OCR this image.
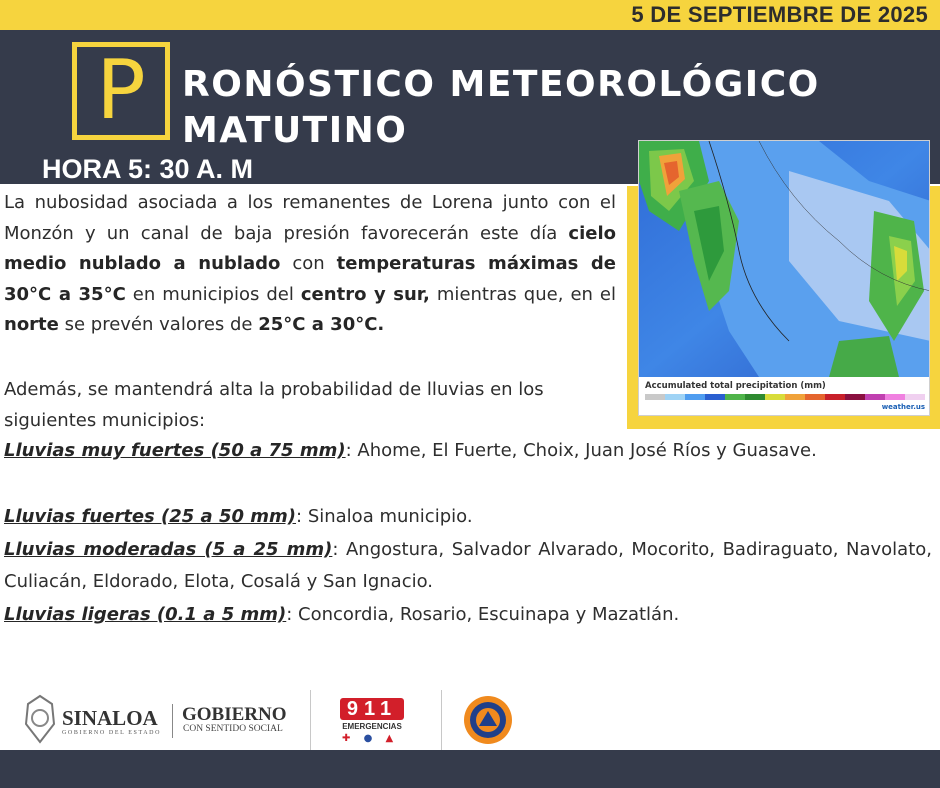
5 DE SEPTIEMBRE DE 2025
P	RONÓSTICO METEOROLÓGICO
MATUTINO
HORA 5: 30 A. M
Accumulated total precipitation (mm)
weather.us
La nubosidad asociada a los remanentes de Lorena junto con el Monzón y un canal de baja presión favorecerán este día cielo medio nublado a nublado con temperaturas máximas de 30°C a 35°C en municipios del centro y sur, mientras que, en el norte se prevén valores de 25°C a 30°C.
Además, se mantendrá alta la probabilidad de lluvias en los siguientes municipios:
Lluvias muy fuertes (50 a 75 mm): Ahome, El Fuerte, Choix, Juan José Ríos y Guasave.
Lluvias fuertes (25 a 50 mm): Sinaloa municipio.
Lluvias moderadas (5 a 25 mm): Angostura, Salvador Alvarado, Mocorito, Badiraguato, Navolato, Culiacán, Eldorado, Elota, Cosalá y San Ignacio.
Lluvias ligeras (0.1 a 5 mm): Concordia, Rosario, Escuinapa y Mazatlán.
SINALOA
GOBIERNO DEL ESTADO
GOBIERNO
CON SENTIDO SOCIAL
911
EMERGENCIAS
✚ ● ▲
